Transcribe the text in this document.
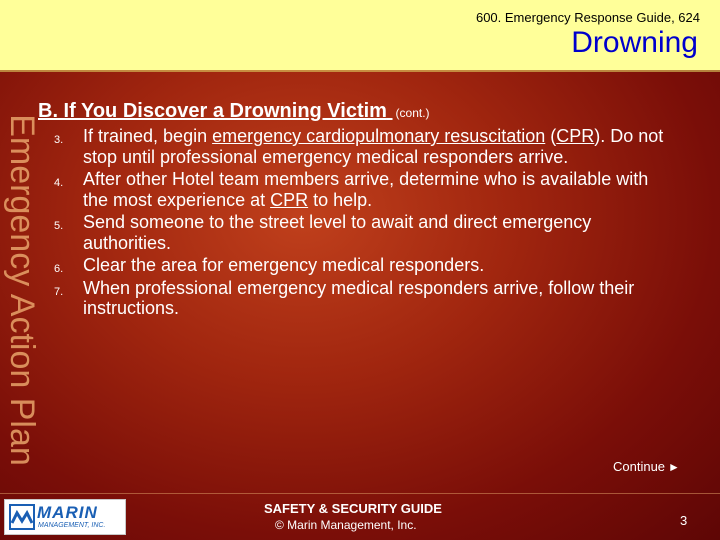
600. Emergency Response Guide, 624
Drowning
Emergency Action Plan

B. If You Discover a Drowning Victim (cont.)

3. If trained, begin emergency cardiopulmonary resuscitation (CPR). Do not stop until professional emergency medical responders arrive.
4. After other Hotel team members arrive, determine who is available with the most experience at CPR to help.
5. Send someone to the street level to await and direct emergency authorities.
6. Clear the area for emergency medical responders.
7. When professional emergency medical responders arrive, follow their instructions.
Continue ►
MARIN
MANAGEMENT, INC.
SAFETY & SECURITY GUIDE
© Marin Management, Inc.	3
